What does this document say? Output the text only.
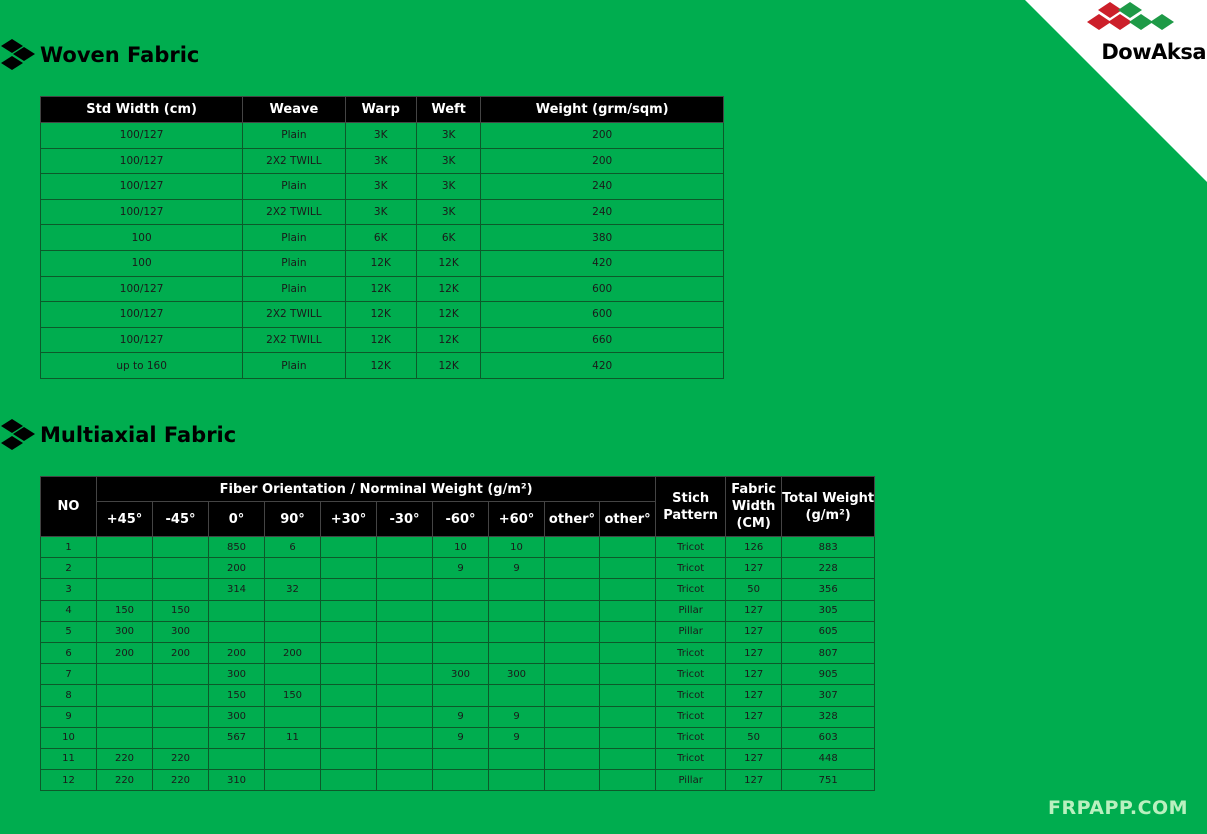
DowAksa
Woven Fabric
Std Width (cm)	Weave	Warp	Weft	Weight (grm/sqm)
100/127	Plain	3K	3K	200
100/127	2X2 TWILL	3K	3K	200
100/127	Plain	3K	3K	240
100/127	2X2 TWILL	3K	3K	240
100	Plain	6K	6K	380
100	Plain	12K	12K	420
100/127	Plain	12K	12K	600
100/127	2X2 TWILL	12K	12K	600
100/127	2X2 TWILL	12K	12K	660
up to 160	Plain	12K	12K	420
Multiaxial Fabric
NO	Fiber Orientation / Norminal Weight (g/m²)										Stich Pattern	Fabric Width (CM)	Total Weight (g/m²)
	+45°	-45°	0°	90°	+30°	-30°	-60°	+60°	other°	other°			
1			850	6			10	10			Tricot	126	883
2			200				9	9			Tricot	127	228
3			314	32							Tricot	50	356
4	150	150									Pillar	127	305
5	300	300									Pillar	127	605
6	200	200	200	200							Tricot	127	807
7			300				300	300			Tricot	127	905
8			150	150							Tricot	127	307
9			300				9	9			Tricot	127	328
10			567	11			9	9			Tricot	50	603
11	220	220									Tricot	127	448
12	220	220	310								Pillar	127	751
FRPAPP.COM
